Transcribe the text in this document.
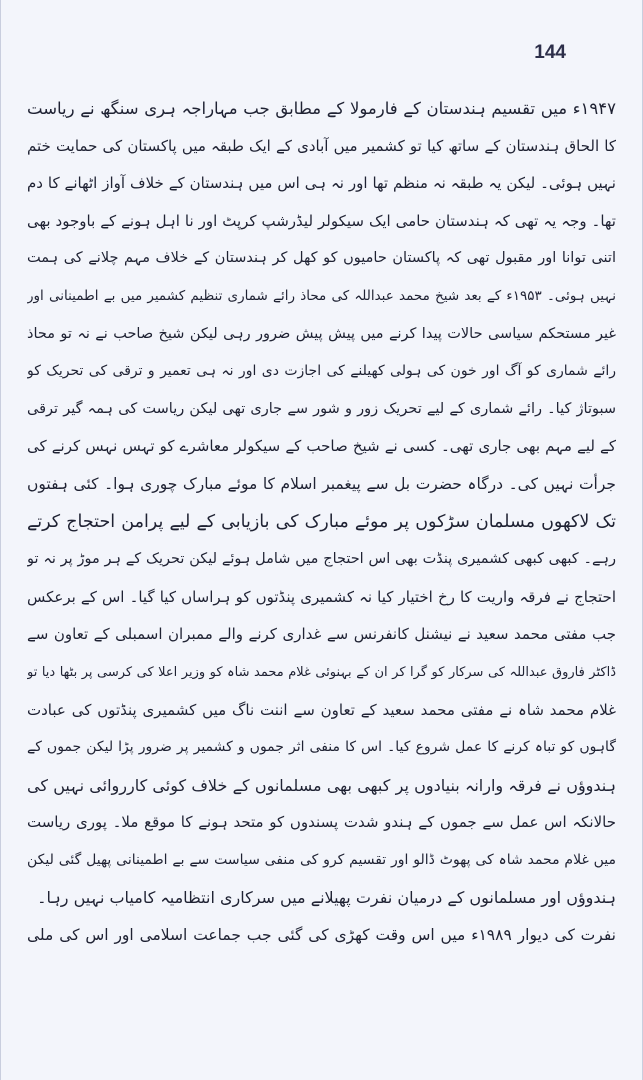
144
۱۹۴۷ء میں تقسیم ہندستان کے فارمولا کے مطابق جب مہاراجہ ہری سنگھ نے ریاست
کا الحاق ہندستان کے ساتھ کیا تو کشمیر میں آبادی کے ایک طبقہ میں پاکستان کی حمایت ختم
نہیں ہوئی۔ لیکن یہ طبقہ نہ منظم تھا اور نہ ہی اس میں ہندستان کے خلاف آواز اٹھانے کا دم
تھا۔ وجہ یہ تھی کہ ہندستان حامی ایک سیکولر لیڈرشپ کرپٹ اور نا اہل ہونے کے باوجود بھی
اتنی توانا اور مقبول تھی کہ پاکستان حامیوں کو کھل کر ہندستان کے خلاف مہم چلانے کی ہمت
نہیں ہوئی۔ ۱۹۵۳ء کے بعد شیخ محمد عبداللہ کی محاذ رائے شماری تنظیم کشمیر میں بے اطمینانی اور
غیر مستحکم سیاسی حالات پیدا کرنے میں پیش پیش ضرور رہی لیکن شیخ صاحب نے نہ تو محاذ
رائے شماری کو آگ اور خون کی ہولی کھیلنے کی اجازت دی اور نہ ہی تعمیر و ترقی کی تحریک کو
سبوتاژ کیا۔ رائے شماری کے لیے تحریک زور و شور سے جاری تھی لیکن ریاست کی ہمہ گیر ترقی
کے لیے مہم بھی جاری تھی۔ کسی نے شیخ صاحب کے سیکولر معاشرے کو تہس نہس کرنے کی
جرأت نہیں کی۔ درگاہ حضرت بل سے پیغمبر اسلام کا موئے مبارک چوری ہوا۔ کئی ہفتوں
تک لاکھوں مسلمان سڑکوں پر موئے مبارک کی بازیابی کے لیے پرامن احتجاج کرتے
رہے۔ کبھی کبھی کشمیری پنڈت بھی اس احتجاج میں شامل ہوئے لیکن تحریک کے ہر موڑ پر نہ تو
احتجاج نے فرقہ واریت کا رخ اختیار کیا نہ کشمیری پنڈتوں کو ہراساں کیا گیا۔ اس کے برعکس
جب مفتی محمد سعید نے نیشنل کانفرنس سے غداری کرنے والے ممبران اسمبلی کے تعاون سے
ڈاکٹر فاروق عبداللہ کی سرکار کو گرا کر ان کے بہنوئی غلام محمد شاہ کو وزیر اعلا کی کرسی پر بٹھا دیا تو
غلام محمد شاہ نے مفتی محمد سعید کے تعاون سے اننت ناگ میں کشمیری پنڈتوں کی عبادت
گاہوں کو تباہ کرنے کا عمل شروع کیا۔ اس کا منفی اثر جموں و کشمیر پر ضرور پڑا لیکن جموں کے
ہندوؤں نے فرقہ وارانہ بنیادوں پر کبھی بھی مسلمانوں کے خلاف کوئی کارروائی نہیں کی
حالانکہ اس عمل سے جموں کے ہندو شدت پسندوں کو متحد ہونے کا موقع ملا۔ پوری ریاست
میں غلام محمد شاہ کی پھوٹ ڈالو اور تقسیم کرو کی منفی سیاست سے بے اطمینانی پھیل گئی لیکن
ہندوؤں اور مسلمانوں کے درمیان نفرت پھیلانے میں سرکاری انتظامیہ کامیاب نہیں رہا۔
نفرت کی دیوار ۱۹۸۹ء میں اس وقت کھڑی کی گئی جب جماعت اسلامی اور اس کی ملی
